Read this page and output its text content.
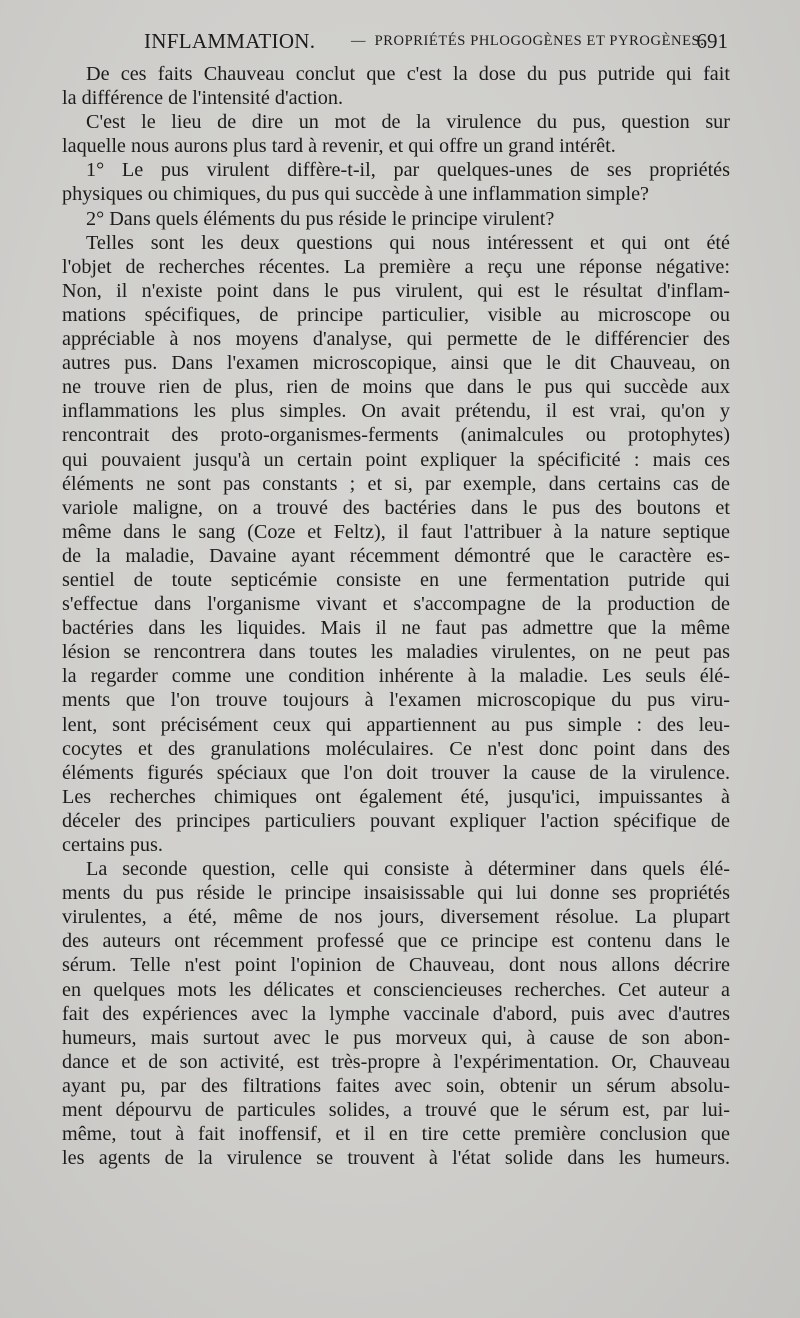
INFLAMMATION.	— PROPRIÉTÉS PHLOGOGÈNES ET PYROGÈNES.
691
De ces faits Chauveau conclut que c'est la dose du pus putride qui fait
la différence de l'intensité d'action.
C'est le lieu de dire un mot de la virulence du pus, question sur
laquelle nous aurons plus tard à revenir, et qui offre un grand intérêt.
1° Le pus virulent diffère-t-il, par quelques-unes de ses propriétés
physiques ou chimiques, du pus qui succède à une inflammation simple?
2° Dans quels éléments du pus réside le principe virulent?
Telles sont les deux questions qui nous intéressent et qui ont été
l'objet de recherches récentes. La première a reçu une réponse négative:
Non, il n'existe point dans le pus virulent, qui est le résultat d'inflam-
mations spécifiques, de principe particulier, visible au microscope ou
appréciable à nos moyens d'analyse, qui permette de le différencier des
autres pus. Dans l'examen microscopique, ainsi que le dit Chauveau, on
ne trouve rien de plus, rien de moins que dans le pus qui succède aux
inflammations les plus simples. On avait prétendu, il est vrai, qu'on y
rencontrait des proto-organismes-ferments (animalcules ou protophytes)
qui pouvaient jusqu'à un certain point expliquer la spécificité : mais ces
éléments ne sont pas constants ; et si, par exemple, dans certains cas de
variole maligne, on a trouvé des bactéries dans le pus des boutons et
même dans le sang (Coze et Feltz), il faut l'attribuer à la nature septique
de la maladie, Davaine ayant récemment démontré que le caractère es-
sentiel de toute septicémie consiste en une fermentation putride qui
s'effectue dans l'organisme vivant et s'accompagne de la production de
bactéries dans les liquides. Mais il ne faut pas admettre que la même
lésion se rencontrera dans toutes les maladies virulentes, on ne peut pas
la regarder comme une condition inhérente à la maladie. Les seuls élé-
ments que l'on trouve toujours à l'examen microscopique du pus viru-
lent, sont précisément ceux qui appartiennent au pus simple : des leu-
cocytes et des granulations moléculaires. Ce n'est donc point dans des
éléments figurés spéciaux que l'on doit trouver la cause de la virulence.
Les recherches chimiques ont également été, jusqu'ici, impuissantes à
déceler des principes particuliers pouvant expliquer l'action spécifique de
certains pus.
La seconde question, celle qui consiste à déterminer dans quels élé-
ments du pus réside le principe insaisissable qui lui donne ses propriétés
virulentes, a été, même de nos jours, diversement résolue. La plupart
des auteurs ont récemment professé que ce principe est contenu dans le
sérum. Telle n'est point l'opinion de Chauveau, dont nous allons décrire
en quelques mots les délicates et consciencieuses recherches. Cet auteur a
fait des expériences avec la lymphe vaccinale d'abord, puis avec d'autres
humeurs, mais surtout avec le pus morveux qui, à cause de son abon-
dance et de son activité, est très-propre à l'expérimentation. Or, Chauveau
ayant pu, par des filtrations faites avec soin, obtenir un sérum absolu-
ment dépourvu de particules solides, a trouvé que le sérum est, par lui-
même, tout à fait inoffensif, et il en tire cette première conclusion que
les agents de la virulence se trouvent à l'état solide dans les humeurs.
